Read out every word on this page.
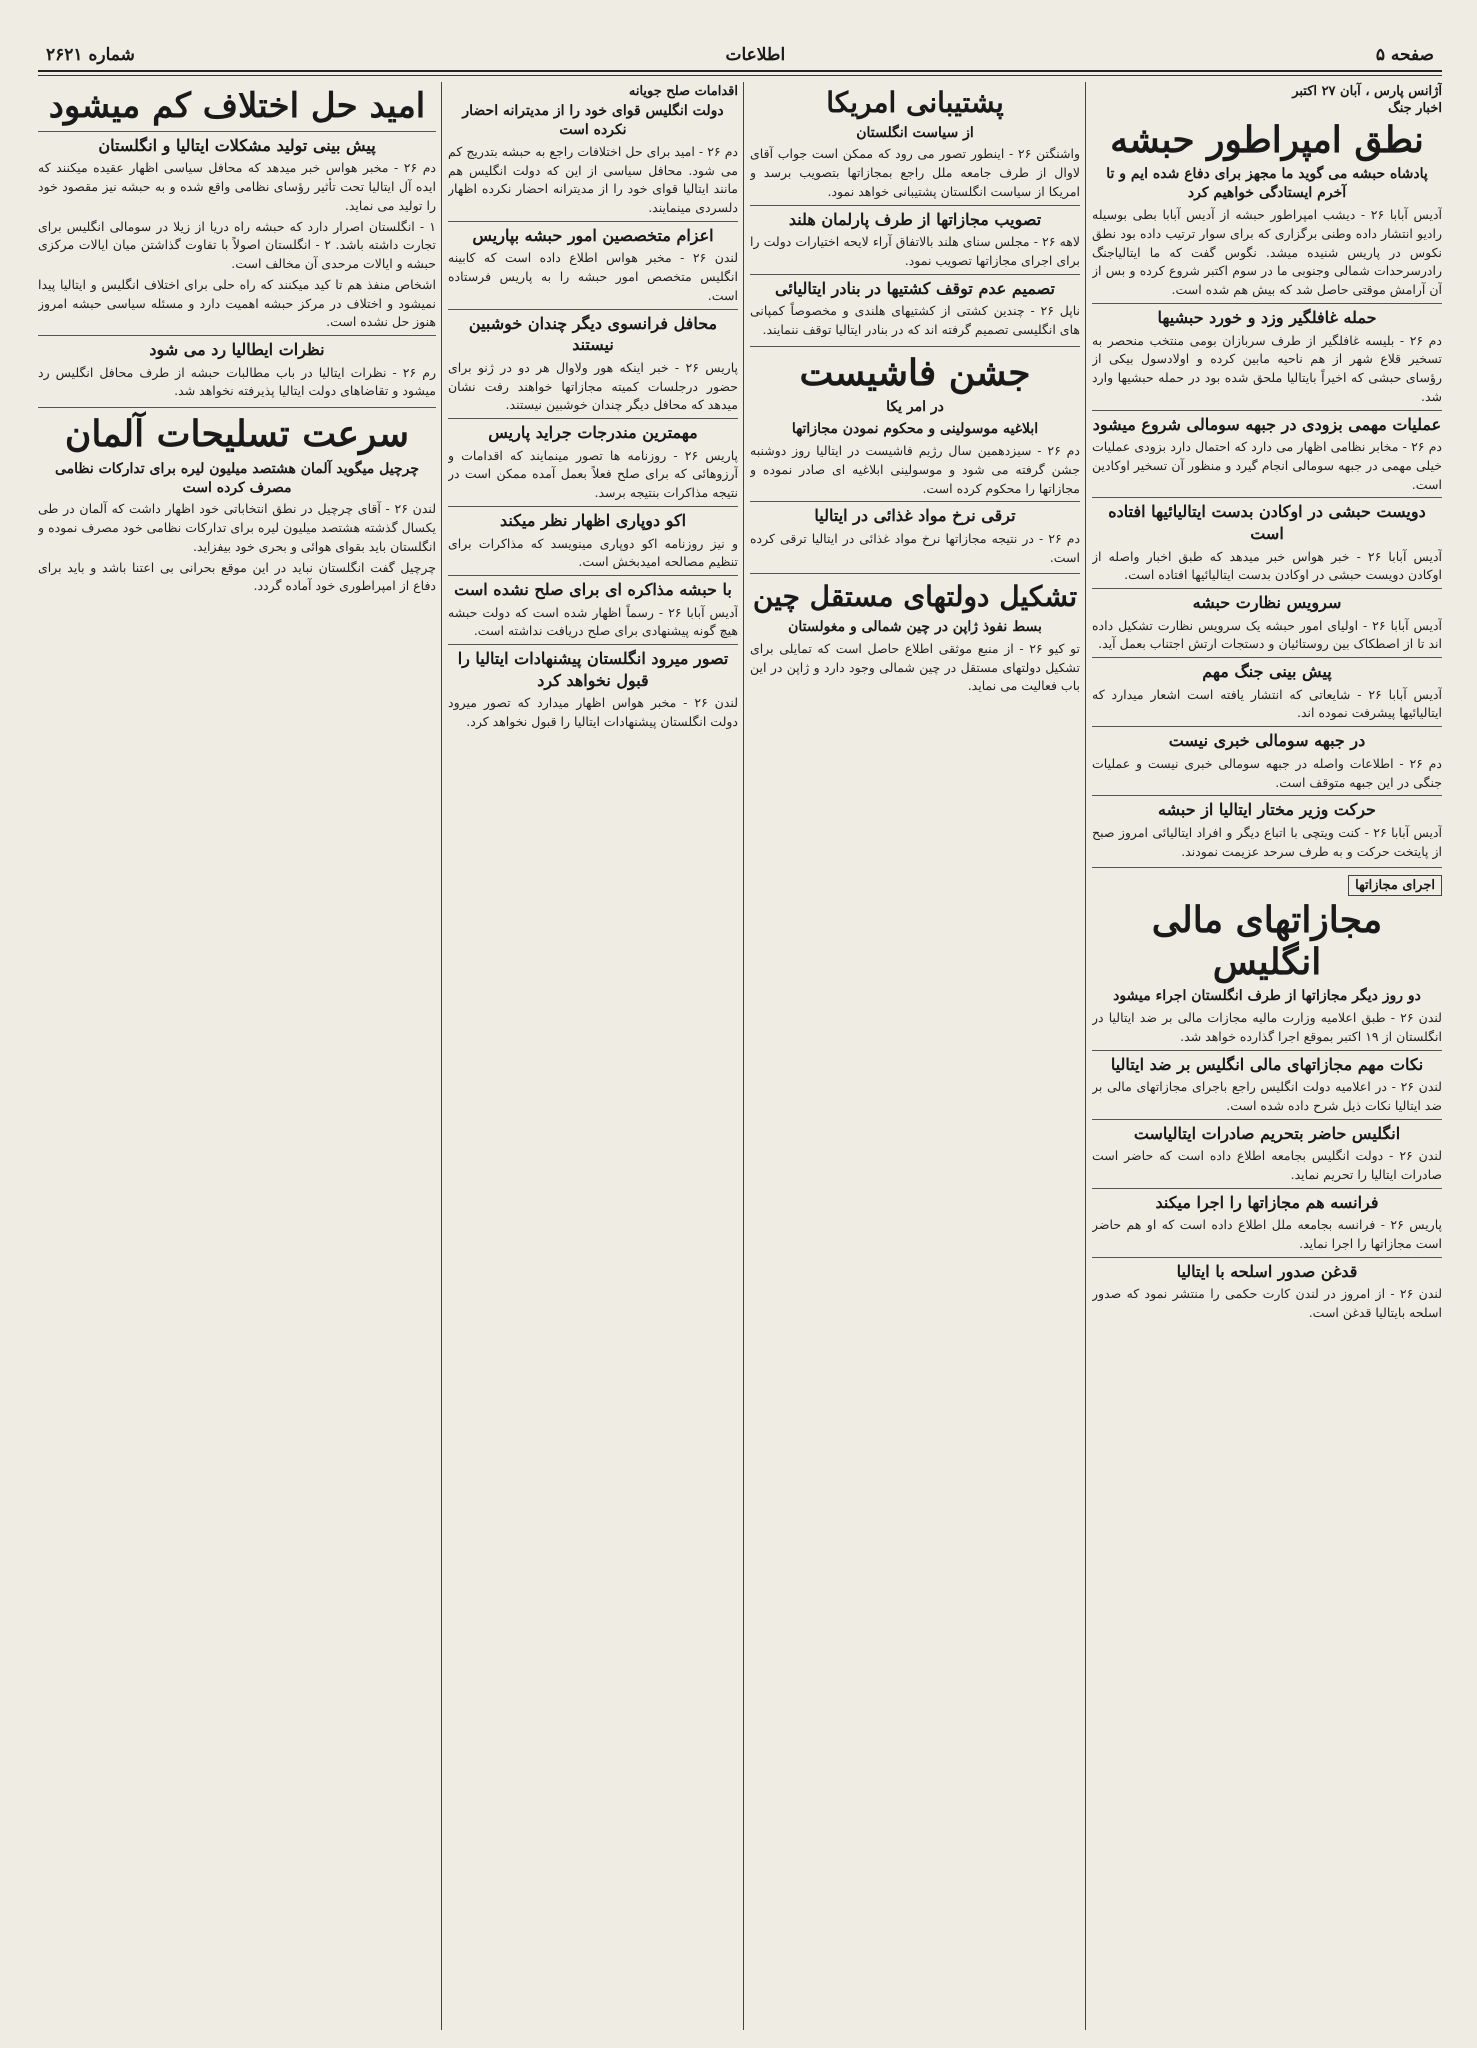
صفحه ۵
اطلاعات
شماره ۲۶۲۱
آژانس پارس ، آبان ۲۷ اکتبر
اخبار جنگ
نطق امپراطور حبشه
پادشاه حبشه می گوید ما مجهز برای دفاع شده ایم و تا آخرم ایستادگی خواهیم کرد

آدیس آبابا ۲۶ - دیشب امپراطور حبشه از آدیس آبابا بطی بوسیله رادیو انتشار داده وطنی برگزاری که برای سوار ترتیب داده بود نطق نکوس در پاریس شنیده میشد. نگوس گفت که ما ایتالیاجنگ رادرسرحدات شمالی وجنوبی ما در سوم اکتبر شروع کرده و بس از آن آرامش موقتی حاصل شد که بیش هم شده است.

حمله غافلگیر وزد و خورد حبشیها

دم ۲۶ - بلیسه غافلگیر از طرف سربازان بومی منتخب منحصر به تسخیر قلاع شهر از هم ناحیه مابین کرده و اولادسول بیکی از رؤسای حبشی که اخیراً بایتالیا ملحق شده بود در حمله حبشیها وارد شد.

عملیات مهمی بزودی در جبهه سومالی شروع میشود

دم ۲۶ - مخابر نظامی اظهار می دارد که احتمال دارد بزودی عملیات خیلی مهمی در جبهه سومالی انجام گیرد و منظور آن تسخیر اوکادین است.

دویست حبشی در اوکادن بدست ایتالیائیها افتاده است

آدیس آبابا ۲۶ - خبر هواس خبر میدهد که طبق اخبار واصله از اوکادن دویست حبشی در اوکادن بدست ایتالیائیها افتاده است.

سرویس نظارت حبشه

آدیس آبابا ۲۶ - اولیای امور حبشه یک سرویس نظارت تشکیل داده اند تا از اصطکاک بین روستائیان و دستجات ارتش اجتناب بعمل آید.

پیش بینی جنگ مهم

آدیس آبابا ۲۶ - شایعاتی که انتشار یافته است اشعار میدارد که ایتالیائیها پیشرفت نموده اند.

در جبهه سومالی خبری نیست

دم ۲۶ - اطلاعات واصله در جبهه سومالی خبری نیست و عملیات جنگی در این جبهه متوقف است.

حرکت وزیر مختار ایتالیا از حبشه

آدیس آبابا ۲۶ - کنت ویتچی با اتباع دیگر و افراد ایتالیائی امروز صبح از پایتخت حرکت و به طرف سرحد عزیمت نمودند.

اجرای مجازاتها
مجازاتهای مالی انگلیس
دو روز دیگر مجازاتها از طرف انگلستان اجراء میشود

لندن ۲۶ - طبق اعلامیه وزارت مالیه مجازات مالی بر ضد ایتالیا در انگلستان از ۱۹ اکتبر بموقع اجرا گذارده خواهد شد.

نکات مهم مجازاتهای مالی انگلیس بر ضد ایتالیا

لندن ۲۶ - در اعلامیه دولت انگلیس راجع باجرای مجازاتهای مالی بر ضد ایتالیا نکات ذیل شرح داده شده است.

انگلیس حاضر بتحریم صادرات ایتالیاست

لندن ۲۶ - دولت انگلیس بجامعه اطلاع داده است که حاضر است صادرات ایتالیا را تحریم نماید.

فرانسه هم مجازاتها را اجرا میکند

پاریس ۲۶ - فرانسه بجامعه ملل اطلاع داده است که او هم حاضر است مجازاتها را اجرا نماید.

قدغن صدور اسلحه با ایتالیا

لندن ۲۶ - از امروز در لندن کارت حکمی را منتشر نمود که صدور اسلحه بایتالیا قدغن است.

پشتیبانی امریکا
از سیاست انگلستان

واشنگتن ۲۶ - اینطور تصور می رود که ممکن است جواب آقای لاوال از طرف جامعه ملل راجع بمجازاتها بتصویب برسد و امریکا از سیاست انگلستان پشتیبانی خواهد نمود.

تصویب مجازاتها از طرف پارلمان هلند

لاهه ۲۶ - مجلس سنای هلند بالاتفاق آراء لایحه اختیارات دولت را برای اجرای مجازاتها تصویب نمود.

تصمیم عدم توقف کشتیها در بنادر ایتالیائی

ناپل ۲۶ - چندین کشتی از کشتیهای هلندی و مخصوصاً کمپانی های انگلیسی تصمیم گرفته اند که در بنادر ایتالیا توقف ننمایند.

جشن فاشیست
در امر یکا
ابلاغیه موسولینی و محکوم نمودن مجازاتها

دم ۲۶ - سیزدهمین سال رژیم فاشیست در ایتالیا روز دوشنبه جشن گرفته می شود و موسولینی ابلاغیه ای صادر نموده و مجازاتها را محکوم کرده است.

ترقی نرخ مواد غذائی در ایتالیا

دم ۲۶ - در نتیجه مجازاتها نرخ مواد غذائی در ایتالیا ترقی کرده است.

تشکیل دولتهای مستقل چین
بسط نفوذ ژاپن در چین شمالی و مغولستان

تو کیو ۲۶ - از منبع موثقی اطلاع حاصل است که تمایلی برای تشکیل دولتهای مستقل در چین شمالی وجود دارد و ژاپن در این باب فعالیت می نماید.

اقدامات صلح جویانه
دولت انگلیس قوای خود را از مدیترانه احضار نکرده است

دم ۲۶ - امید برای حل اختلافات راجع به حبشه بتدریج کم می شود. محافل سیاسی از این که دولت انگلیس هم مانند ایتالیا قوای خود را از مدیترانه احضار نکرده اظهار دلسردی مینمایند.

اعزام متخصصین امور حبشه بپاریس

لندن ۲۶ - مخبر هواس اطلاع داده است که کابینه انگلیس متخصص امور حبشه را به پاریس فرستاده است.

محافل فرانسوی دیگر چندان خوشبین نیستند

پاریس ۲۶ - خبر اینکه هور ولاوال هر دو در ژنو برای حضور درجلسات کمیته مجازاتها خواهند رفت نشان میدهد که محافل دیگر چندان خوشبین نیستند.

مهمترین مندرجات جراید پاریس

پاریس ۲۶ - روزنامه ها تصور مینمایند که اقدامات و آرزوهائی که برای صلح فعلاً بعمل آمده ممکن است در نتیجه مذاکرات بنتیجه برسد.

اکو دوپاری اظهار نظر میکند

و نیز روزنامه اکو دوپاری مینویسد که مذاکرات برای تنظیم مصالحه امیدبخش است.

با حبشه مذاکره ای برای صلح نشده است

آدیس آبابا ۲۶ - رسماً اظهار شده است که دولت حبشه هیچ گونه پیشنهادی برای صلح دریافت نداشته است.

تصور میرود انگلستان پیشنهادات ایتالیا را قبول نخواهد کرد

لندن ۲۶ - مخبر هواس اظهار میدارد که تصور میرود دولت انگلستان پیشنهادات ایتالیا را قبول نخواهد کرد.

امید حل اختلاف کم میشود
پیش بینی تولید مشکلات ایتالیا و انگلستان

دم ۲۶ - مخبر هواس خبر میدهد که محافل سیاسی اظهار عقیده میکنند که ایده آل ایتالیا تحت تأثیر رؤسای نظامی واقع شده و به حبشه نیز مقصود خود را تولید می نماید.

۱ - انگلستان اصرار دارد که حبشه راه دریا از زیلا در سومالی انگلیس برای تجارت داشته باشد. ۲ - انگلستان اصولاً با تفاوت گذاشتن میان ایالات مرکزی حبشه و ایالات مرحدی آن مخالف است.

اشخاص منفذ هم تا کید میکنند که راه حلی برای اختلاف انگلیس و ایتالیا پیدا نمیشود و اختلاف در مرکز حبشه اهمیت دارد و مسئله سیاسی حبشه امروز هنوز حل نشده است.

نظرات ایطالیا رد می شود

رم ۲۶ - نظرات ایتالیا در باب مطالبات حبشه از طرف محافل انگلیس رد میشود و تقاضاهای دولت ایتالیا پذیرفته نخواهد شد.

سرعت تسلیحات آلمان
چرچیل میگوید آلمان هشتصد میلیون لیره برای تدارکات نظامی مصرف کرده است

لندن ۲۶ - آقای چرچیل در نطق انتخاباتی خود اظهار داشت که آلمان در طی یکسال گذشته هشتصد میلیون لیره برای تدارکات نظامی خود مصرف نموده و انگلستان باید بقوای هوائی و بحری خود بیفزاید.

چرچیل گفت انگلستان نباید در این موقع بحرانی بی اعتنا باشد و باید برای دفاع از امپراطوری خود آماده گردد.
